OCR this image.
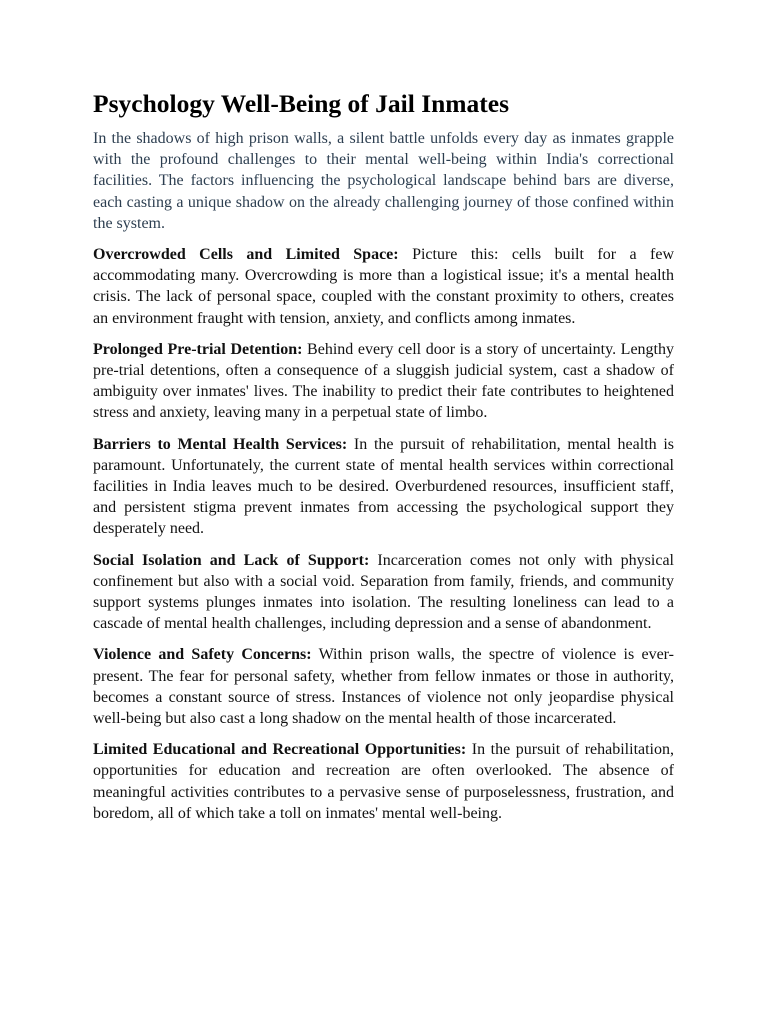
Psychology Well-Being of Jail Inmates

In the shadows of high prison walls, a silent battle unfolds every day as inmates grapple with the profound challenges to their mental well-being within India's correctional facilities. The factors influencing the psychological landscape behind bars are diverse, each casting a unique shadow on the already challenging journey of those confined within the system.

Overcrowded Cells and Limited Space: Picture this: cells built for a few accommodating many. Overcrowding is more than a logistical issue; it's a mental health crisis. The lack of personal space, coupled with the constant proximity to others, creates an environment fraught with tension, anxiety, and conflicts among inmates.

Prolonged Pre-trial Detention: Behind every cell door is a story of uncertainty. Lengthy pre-trial detentions, often a consequence of a sluggish judicial system, cast a shadow of ambiguity over inmates' lives. The inability to predict their fate contributes to heightened stress and anxiety, leaving many in a perpetual state of limbo.

Barriers to Mental Health Services: In the pursuit of rehabilitation, mental health is paramount. Unfortunately, the current state of mental health services within correctional facilities in India leaves much to be desired. Overburdened resources, insufficient staff, and persistent stigma prevent inmates from accessing the psychological support they desperately need.

Social Isolation and Lack of Support: Incarceration comes not only with physical confinement but also with a social void. Separation from family, friends, and community support systems plunges inmates into isolation. The resulting loneliness can lead to a cascade of mental health challenges, including depression and a sense of abandonment.

Violence and Safety Concerns: Within prison walls, the spectre of violence is ever-present. The fear for personal safety, whether from fellow inmates or those in authority, becomes a constant source of stress. Instances of violence not only jeopardise physical well-being but also cast a long shadow on the mental health of those incarcerated.

Limited Educational and Recreational Opportunities: In the pursuit of rehabilitation, opportunities for education and recreation are often overlooked. The absence of meaningful activities contributes to a pervasive sense of purposelessness, frustration, and boredom, all of which take a toll on inmates' mental well-being.
